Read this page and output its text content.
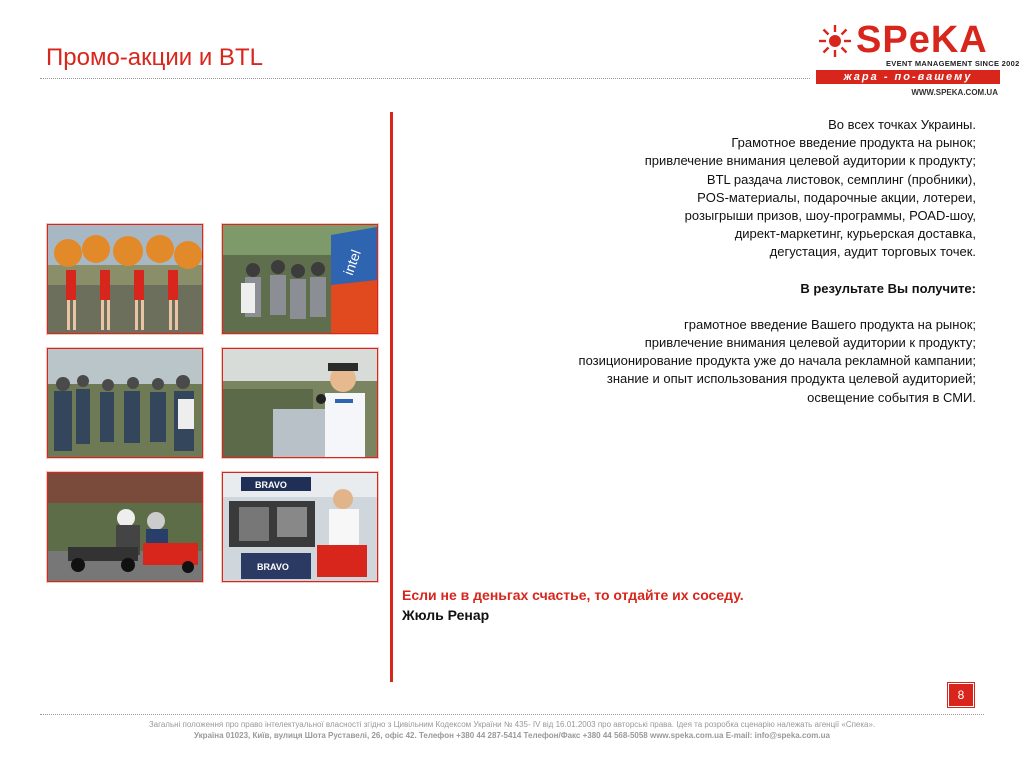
Промо-акции и BTL	SPeKA
EVENT MANAGEMENT SINCE 2002
жара - по-вашему
WWW.SPEKA.COM.UA
intel
BRAVO
BRAVO
Во всех точках Украины.
Грамотное введение продукта на рынок;
привлечение внимания целевой аудитории к продукту;
BTL раздача листовок, семплинг (пробники),
POS-материалы, подарочные акции, лотереи,
розыгрыши призов, шоу-программы, РОАD-шоу,
директ-маркетинг, курьерская доставка,
дегустация, аудит торговых точек.
В результате Вы получите:
грамотное введение Вашего продукта на рынок;
привлечение внимания целевой аудитории к продукту;
позиционирование продукта уже до начала рекламной кампании;
знание и опыт использования продукта целевой аудиторией;
освещение события в СМИ.
Если не в деньгах счастье, то отдайте их соседу.
Жюль Ренар
8
Загальні положення про право інтелектуальної власності згідно з Цивільним Кодексом України № 435- IV від 16.01.2003 про авторські права. Ідея та розробка сценарію належать агенції «Спека».
Україна 01023, Київ, вулиця Шота Руставелі, 26, офіс 42. Телефон +380 44 287-5414 Телефон/Факс +380 44 568-5058 www.speka.com.ua E-mail: info@speka.com.ua
